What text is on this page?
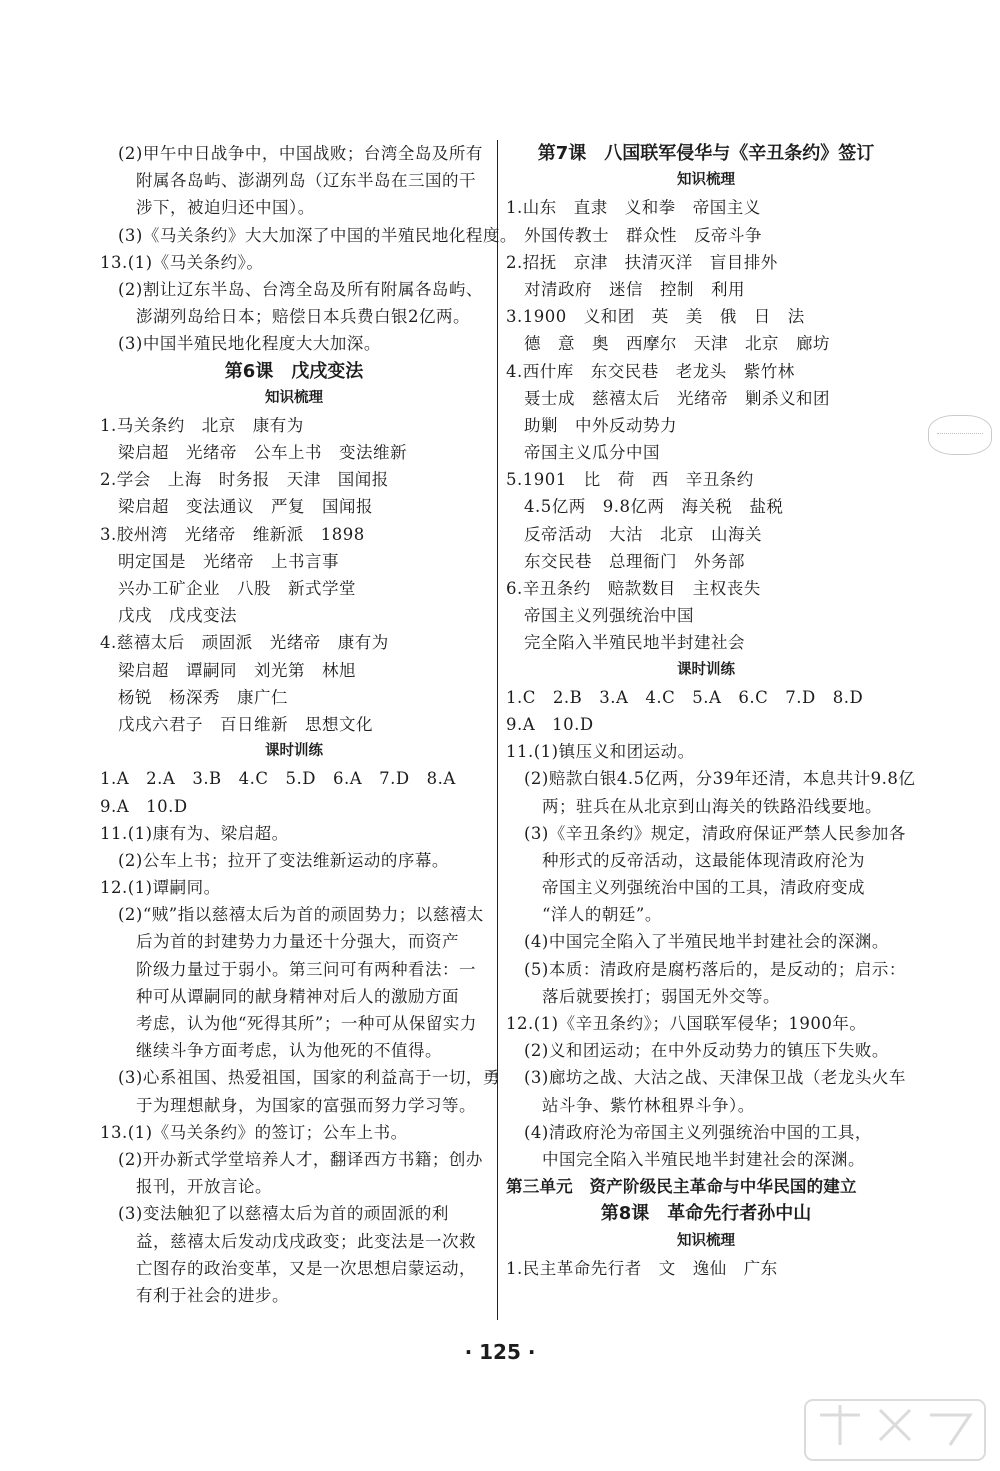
(2)甲午中日战争中，中国战败；台湾全岛及所有
附属各岛屿、澎湖列岛（辽东半岛在三国的干
涉下，被迫归还中国）。
(3)《马关条约》大大加深了中国的半殖民地化程度。
13.(1)《马关条约》。
(2)割让辽东半岛、台湾全岛及所有附属各岛屿、
澎湖列岛给日本；赔偿日本兵费白银2亿两。
(3)中国半殖民地化程度大大加深。
第6课　戊戌变法
知识梳理
1.马关条约　北京　康有为
梁启超　光绪帝　公车上书　变法维新
2.学会　上海　时务报　天津　国闻报
梁启超　变法通议　严复　国闻报
3.胶州湾　光绪帝　维新派　1898
明定国是　光绪帝　上书言事
兴办工矿企业　八股　新式学堂
戊戌　戊戌变法
4.慈禧太后　顽固派　光绪帝　康有为
梁启超　谭嗣同　刘光第　林旭
杨锐　杨深秀　康广仁
戊戌六君子　百日维新　思想文化
课时训练
1.A　2.A　3.B　4.C　5.D　6.A　7.D　8.A
9.A　10.D
11.(1)康有为、梁启超。
(2)公车上书；拉开了变法维新运动的序幕。
12.(1)谭嗣同。
(2)“贼”指以慈禧太后为首的顽固势力；以慈禧太
后为首的封建势力力量还十分强大，而资产
阶级力量过于弱小。第三问可有两种看法：一
种可从谭嗣同的献身精神对后人的激励方面
考虑，认为他“死得其所”；一种可从保留实力
继续斗争方面考虑，认为他死的不值得。
(3)心系祖国、热爱祖国，国家的利益高于一切，勇
于为理想献身，为国家的富强而努力学习等。
13.(1)《马关条约》的签订；公车上书。
(2)开办新式学堂培养人才，翻译西方书籍；创办
报刊，开放言论。
(3)变法触犯了以慈禧太后为首的顽固派的利
益，慈禧太后发动戊戌政变；此变法是一次救
亡图存的政治变革，又是一次思想启蒙运动，
有利于社会的进步。
第7课　八国联军侵华与《辛丑条约》签订
知识梳理
1.山东　直隶　义和拳　帝国主义
外国传教士　群众性　反帝斗争
2.招抚　京津　扶清灭洋　盲目排外
对清政府　迷信　控制　利用
3.1900　义和团　英　美　俄　日　法
德　意　奥　西摩尔　天津　北京　廊坊
4.西什库　东交民巷　老龙头　紫竹林
聂士成　慈禧太后　光绪帝　剿杀义和团
助剿　中外反动势力
帝国主义瓜分中国
5.1901　比　荷　西　辛丑条约
4.5亿两　9.8亿两　海关税　盐税
反帝活动　大沽　北京　山海关
东交民巷　总理衙门　外务部
6.辛丑条约　赔款数目　主权丧失
帝国主义列强统治中国
完全陷入半殖民地半封建社会
课时训练
1.C　2.B　3.A　4.C　5.A　6.C　7.D　8.D
9.A　10.D
11.(1)镇压义和团运动。
(2)赔款白银4.5亿两，分39年还清，本息共计9.8亿
两；驻兵在从北京到山海关的铁路沿线要地。
(3)《辛丑条约》规定，清政府保证严禁人民参加各
种形式的反帝活动，这最能体现清政府沦为
帝国主义列强统治中国的工具，清政府变成
“洋人的朝廷”。
(4)中国完全陷入了半殖民地半封建社会的深渊。
(5)本质：清政府是腐朽落后的，是反动的；启示：
落后就要挨打；弱国无外交等。
12.(1)《辛丑条约》；八国联军侵华；1900年。
(2)义和团运动；在中外反动势力的镇压下失败。
(3)廊坊之战、大沽之战、天津保卫战（老龙头火车
站斗争、紫竹林租界斗争）。
(4)清政府沦为帝国主义列强统治中国的工具，
中国完全陷入半殖民地半封建社会的深渊。
第三单元　资产阶级民主革命与中华民国的建立
第8课　革命先行者孙中山
知识梳理
1.民主革命先行者　文　逸仙　广东
· 125 ·
